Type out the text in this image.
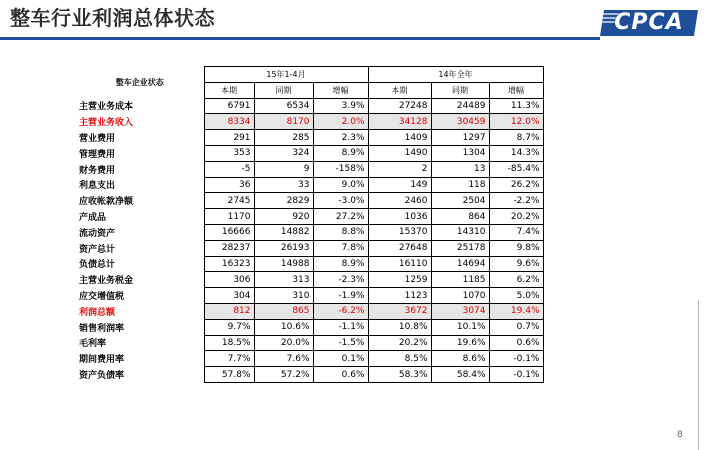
整车行业利润总体状态	CPCA
整车企业状态	15年1-4月			14年全年		
	本期	同期	增幅	本期	同期	增幅
主营业务成本	6791	6534	3.9%	27248	24489	11.3%
主营业务收入	8334	8170	2.0%	34128	30459	12.0%
营业费用	291	285	2.3%	1409	1297	8.7%
管理费用	353	324	8.9%	1490	1304	14.3%
财务费用	-5	9	-158%	2	13	-85.4%
利息支出	36	33	9.0%	149	118	26.2%
应收帐款净额	2745	2829	-3.0%	2460	2504	-2.2%
产成品	1170	920	27.2%	1036	864	20.2%
流动资产	16666	14882	8.8%	15370	14310	7.4%
资产总计	28237	26193	7.8%	27648	25178	9.8%
负债总计	16323	14988	8.9%	16110	14694	9.6%
主营业务税金	306	313	-2.3%	1259	1185	6.2%
应交增值税	304	310	-1.9%	1123	1070	5.0%
利润总额	812	865	-6.2%	3672	3074	19.4%
销售利润率	9.7%	10.6%	-1.1%	10.8%	10.1%	0.7%
毛利率	18.5%	20.0%	-1.5%	20.2%	19.6%	0.6%
期间费用率	7.7%	7.6%	0.1%	8.5%	8.6%	-0.1%
资产负债率	57.8%	57.2%	0.6%	58.3%	58.4%	-0.1%
8
